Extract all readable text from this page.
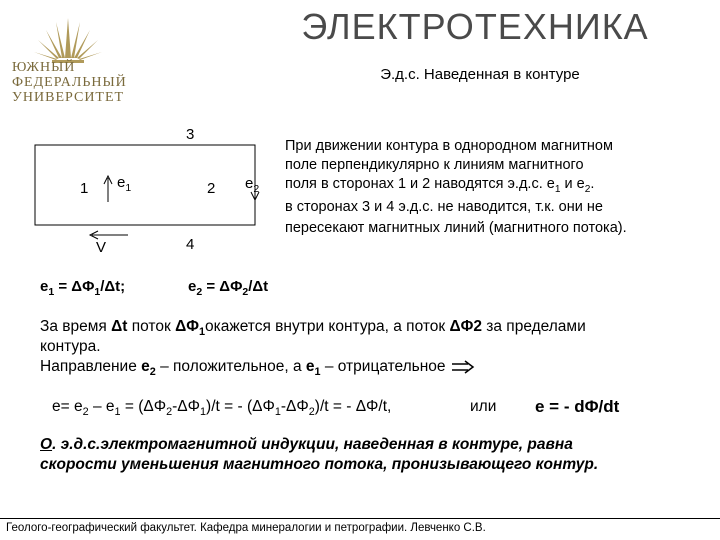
ЮЖНЫЙ
ФЕДЕРАЛЬНЫЙ
УНИВЕРСИТЕТ
ЭЛЕКТРОТЕХНИКА
Э.д.с. Наведенная в контуре
3
1 $e_1$	2 $e_2$
4
V
При движении контура в однородном магнитном
поле перпендикулярно к линиям магнитного
поля в сторонах 1 и 2 наводятся э.д.с. $e_1$ и $e_2$.
в сторонах 3 и 4 э.д.с. не наводится, т.к. они не
пересекают магнитных линий (магнитного потока).
$e_1 = \Delta\Phi_1/\Delta t$;	$e_2 = \Delta\Phi_2/\Delta t$
За время Δt поток $\Delta\Phi_1окажется$ внутри контура, а поток ΔΦ2 за пределами
контура.
Направление $e_2$ – положительное, а $e_1$ – отрицательное
$e= e_2 - e_1 = (\Delta\Phi_2-\Delta\Phi_1)/t$ = - $(\Delta\Phi_1-\Delta\Phi_2)/t$ = - ΔΦ/t,	или e = - dΦ/dt
О. э.д.с.электромагнитной индукции, наведенная в контуре, равна
скорости уменьшения магнитного потока, пронизывающего контур.
Геолого-географический факультет. Кафедра минералогии и петрографии. Левченко С.В.
